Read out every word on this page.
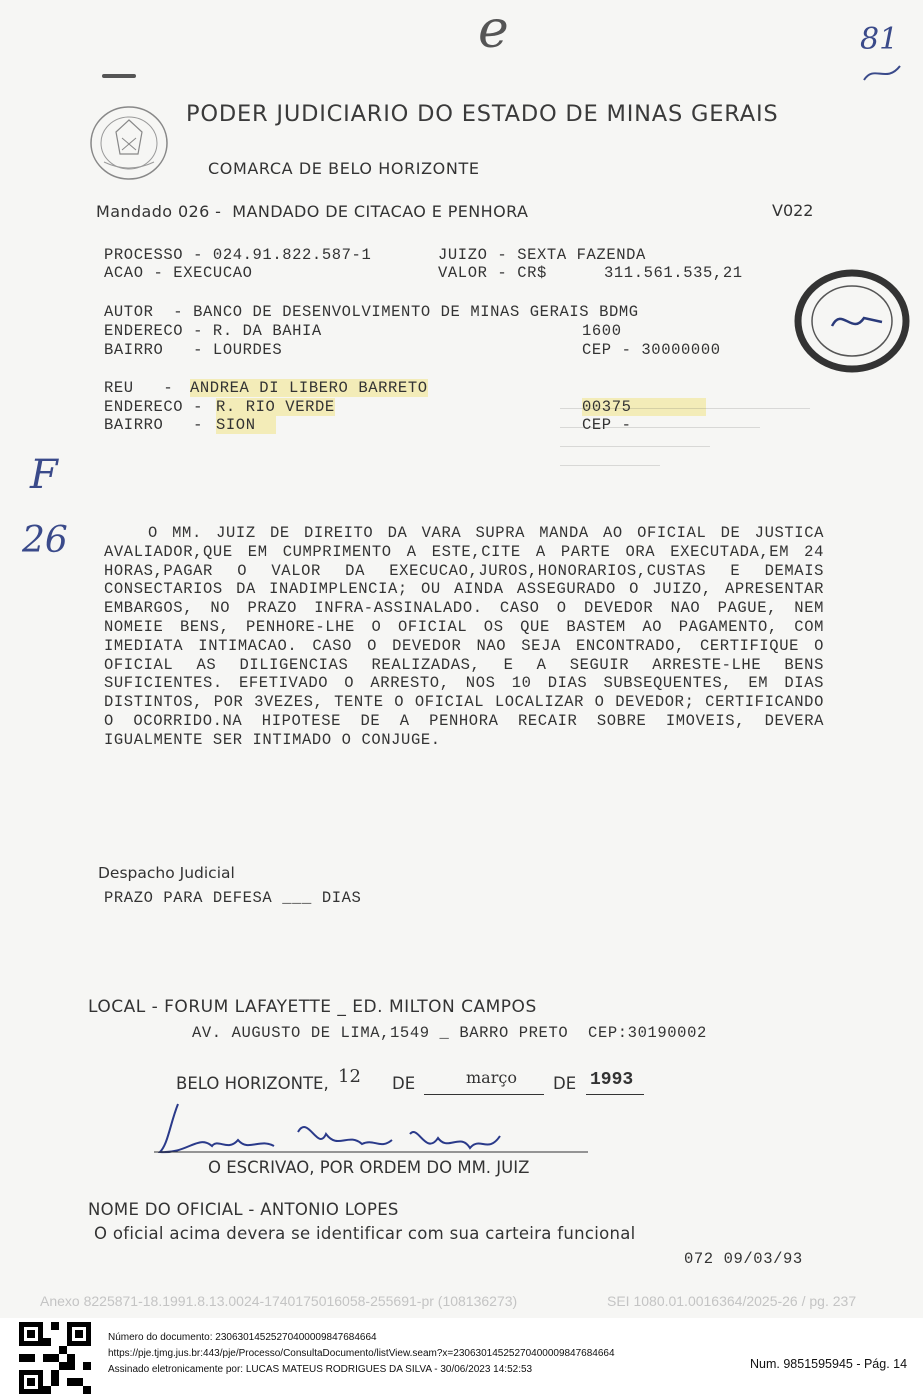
e	81
PODER JUDICIARIO DO ESTADO DE MINAS GERAIS
COMARCA DE BELO HORIZONTE
Mandado 026 -  MANDADO DE CITACAO E PENHORA	V022
PROCESSO - 024.91.822.587-1	JUIZO - SEXTA FAZENDA
ACAO - EXECUCAO	VALOR - CR$	311.561.535,21
AUTOR  - BANCO DE DESENVOLVIMENTO DE MINAS GERAIS BDMG
ENDERECO - R. DA BAHIA	1600
BAIRRO   - LOURDES	CEP - 30000000
REU   - ANDREA DI LIBERO BARRETO
ENDERECO - R. RIO VERDE	00375
BAIRRO   - SION	CEP -
F
26	O MM. JUIZ DE DIREITO DA VARA SUPRA MANDA AO OFICIAL DE JUSTICA AVALIADOR,QUE EM CUMPRIMENTO A ESTE,CITE A PARTE ORA EXECUTADA,EM 24 HORAS,PAGAR O VALOR DA EXECUCAO,JUROS,HONORARIOS,CUSTAS E DEMAIS CONSECTARIOS DA INADIMPLENCIA; OU AINDA ASSEGURADO O JUIZO, APRESENTAR EMBARGOS, NO PRAZO INFRA-ASSINALADO. CASO O DEVEDOR NAO PAGUE, NEM NOMEIE BENS, PENHORE-LHE O OFICIAL OS QUE BASTEM AO PAGAMENTO, COM IMEDIATA INTIMACAO. CASO O DEVEDOR NAO SEJA ENCONTRADO, CERTIFIQUE O OFICIAL AS DILIGENCIAS REALIZADAS, E A SEGUIR ARRESTE-LHE BENS SUFICIENTES. EFETIVADO O ARRESTO, NOS 10 DIAS SUBSEQUENTES, EM DIAS DISTINTOS, POR 3VEZES, TENTE O OFICIAL LOCALIZAR O DEVEDOR; CERTIFICANDO O OCORRIDO.NA HIPOTESE DE A PENHORA RECAIR SOBRE IMOVEIS, DEVERA IGUALMENTE SER INTIMADO O CONJUGE.
Despacho Judicial
PRAZO PARA DEFESA ___ DIAS
LOCAL - FORUM LAFAYETTE _ ED. MILTON CAMPOS
AV. AUGUSTO DE LIMA,1549 _ BARRO PRETO  CEP:30190002
BELO HORIZONTE, 12 DE	março DE 1993
O ESCRIVAO, POR ORDEM DO MM. JUIZ
NOME DO OFICIAL - ANTONIO LOPES
O oficial acima devera se identificar com sua carteira funcional
072 09/03/93
Anexo 8225871-18.1991.8.13.0024-1740175016058-255691-pr (108136273)	SEI 1080.01.0016364/2025-26 / pg. 237
Número do documento: 23063014525270400009847684664
https://pje.tjmg.jus.br:443/pje/Processo/ConsultaDocumento/listView.seam?x=23063014525270400009847684664
Assinado eletronicamente por: LUCAS MATEUS RODRIGUES DA SILVA - 30/06/2023 14:52:53	Num. 9851595945 - Pág. 14
